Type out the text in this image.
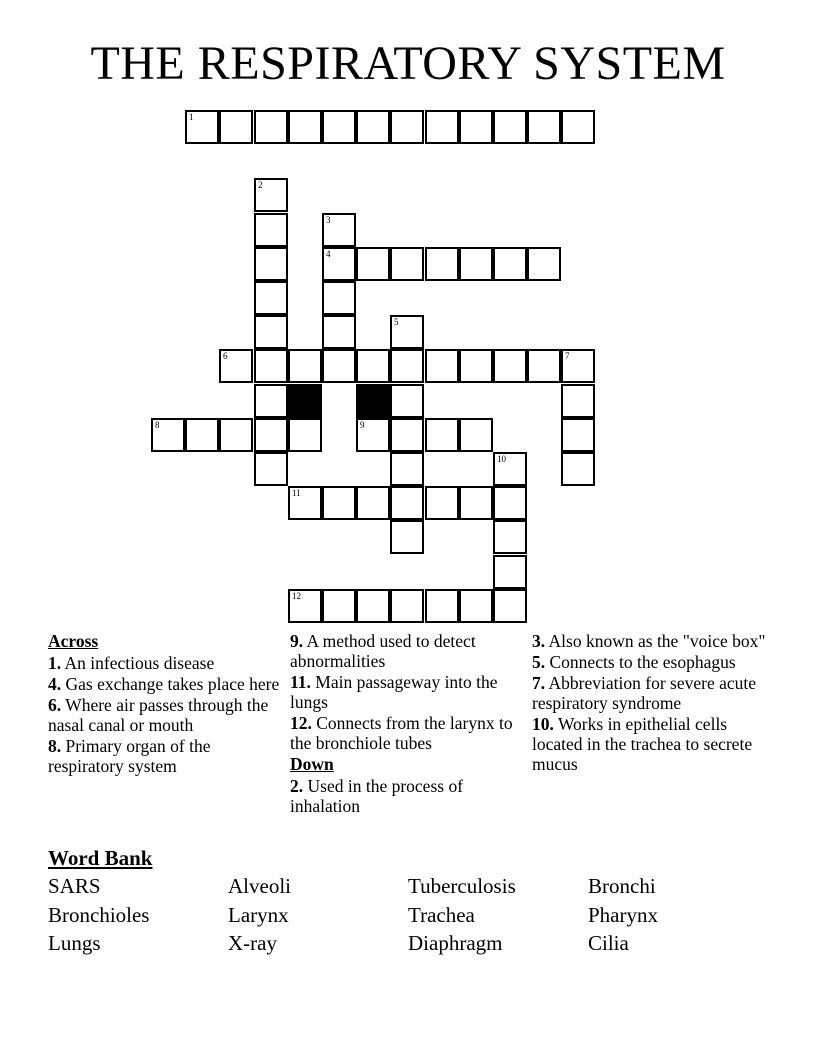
THE RESPIRATORY SYSTEM
1
2
3
4
5
6	7
8	9
10
11
12
Across
1. An infectious disease
4. Gas exchange takes place here
6. Where air passes through the nasal canal or mouth
8. Primary organ of the respiratory system
9. A method used to detect abnormalities
11. Main passageway into the lungs
12. Connects from the larynx to the bronchiole tubes
Down
2. Used in the process of inhalation
3. Also known as the "voice box"
5. Connects to the esophagus
7. Abbreviation for severe acute respiratory syndrome
10. Works in epithelial cells located in the trachea to secrete mucus
Word Bank
SARS	Alveoli	Tuberculosis	Bronchi
Bronchioles	Larynx	Trachea	Pharynx
Lungs	X-ray	Diaphragm	Cilia
